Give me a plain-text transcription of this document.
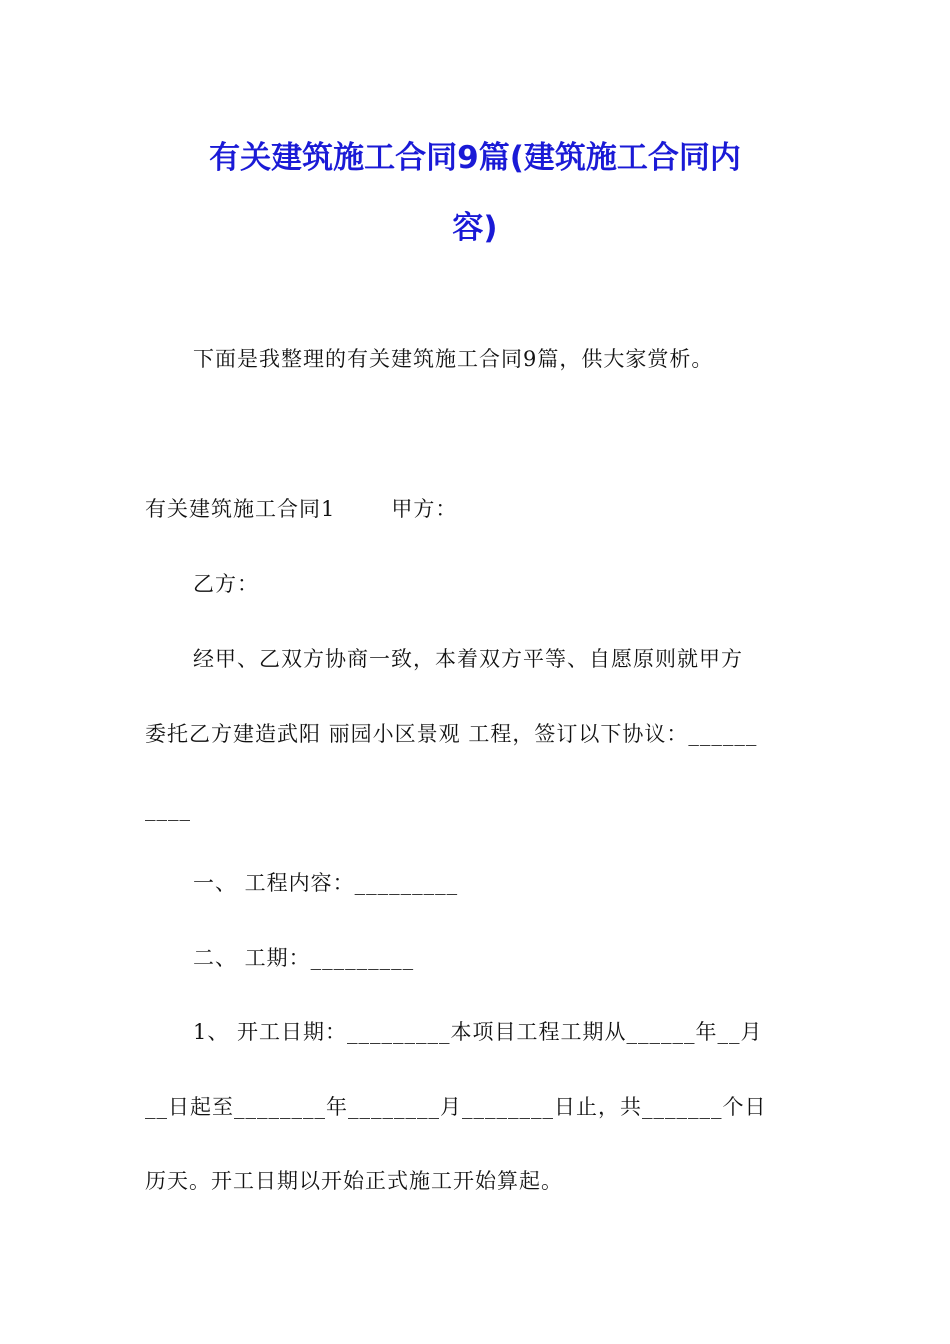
有关建筑施工合同9篇(建筑施工合同内
容)

下面是我整理的有关建筑施工合同9篇，供大家赏析。

有关建筑施工合同1	甲方：

乙方：

经甲、乙双方协商一致，本着双方平等、自愿原则就甲方

委托乙方建造武阳 丽园小区景观 工程，签订以下协议：______

____

一、 工程内容：_________

二、 工期：_________

1、 开工日期：_________本项目工程工期从______年__月

__日起至________年________月________日止，共_______个日

历天。开工日期以开始正式施工开始算起。
